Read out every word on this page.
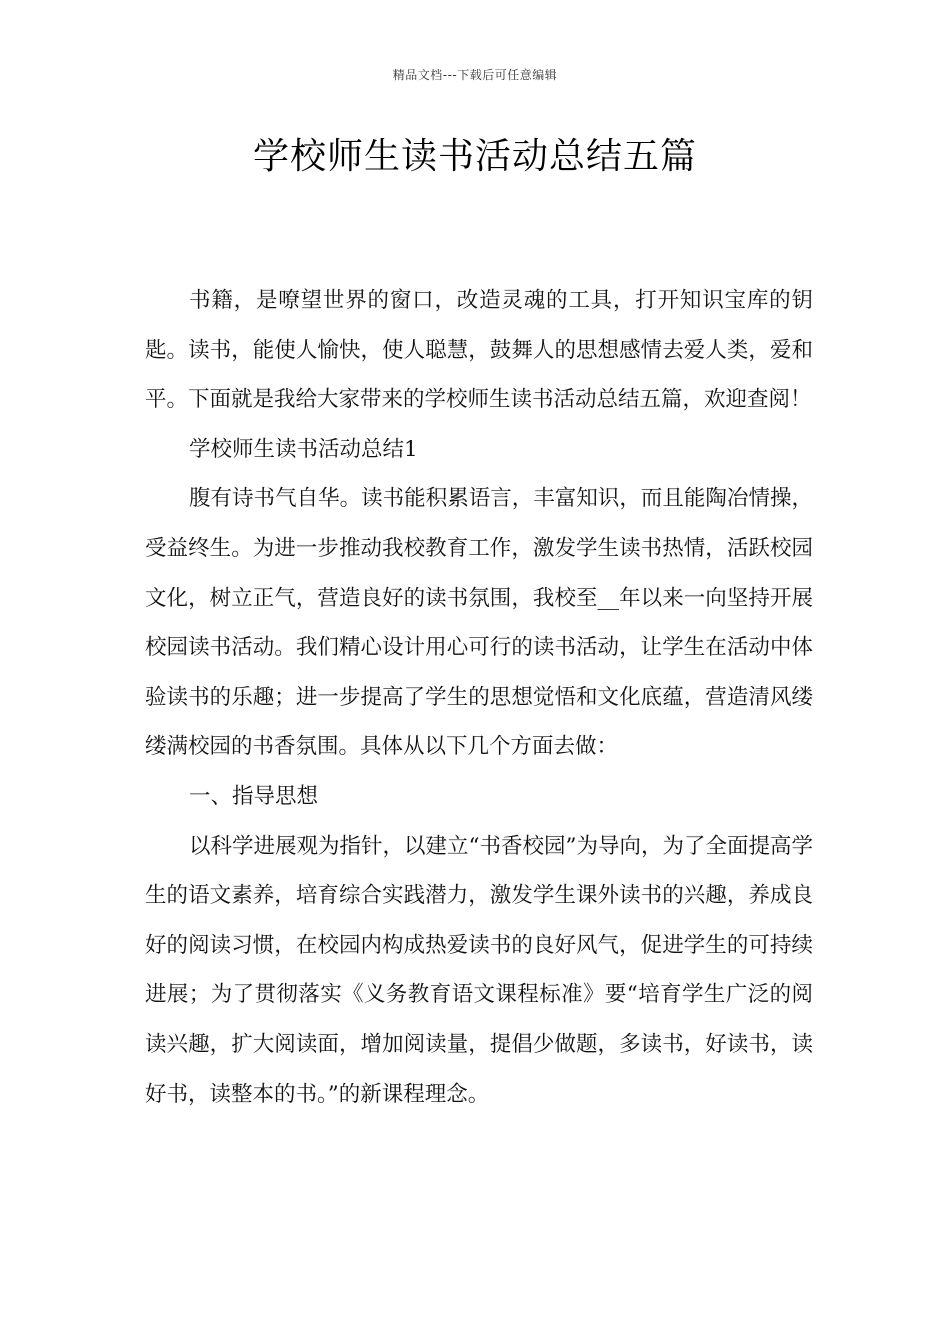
精品文档---下载后可任意编辑
学校师生读书活动总结五篇

书籍，是嘹望世界的窗口，改造灵魂的工具，打开知识宝库的钥匙。读书，能使人愉快，使人聪慧，鼓舞人的思想感情去爱人类，爱和平。下面就是我给大家带来的学校师生读书活动总结五篇，欢迎查阅！

学校师生读书活动总结1

腹有诗书气自华。读书能积累语言，丰富知识，而且能陶冶情操，受益终生。为进一步推动我校教育工作，激发学生读书热情，活跃校园文化，树立正气，营造良好的读书氛围，我校至__年以来一向坚持开展校园读书活动。我们精心设计用心可行的读书活动，让学生在活动中体验读书的乐趣；进一步提高了学生的思想觉悟和文化底蕴，营造清风缕缕满校园的书香氛围。具体从以下几个方面去做：

一、指导思想

以科学进展观为指针，以建立“书香校园”为导向，为了全面提高学生的语文素养，培育综合实践潜力，激发学生课外读书的兴趣，养成良好的阅读习惯，在校园内构成热爱读书的良好风气，促进学生的可持续进展；为了贯彻落实《义务教育语文课程标准》要“培育学生广泛的阅读兴趣，扩大阅读面，增加阅读量，提倡少做题，多读书，好读书，读好书，读整本的书。”的新课程理念。
